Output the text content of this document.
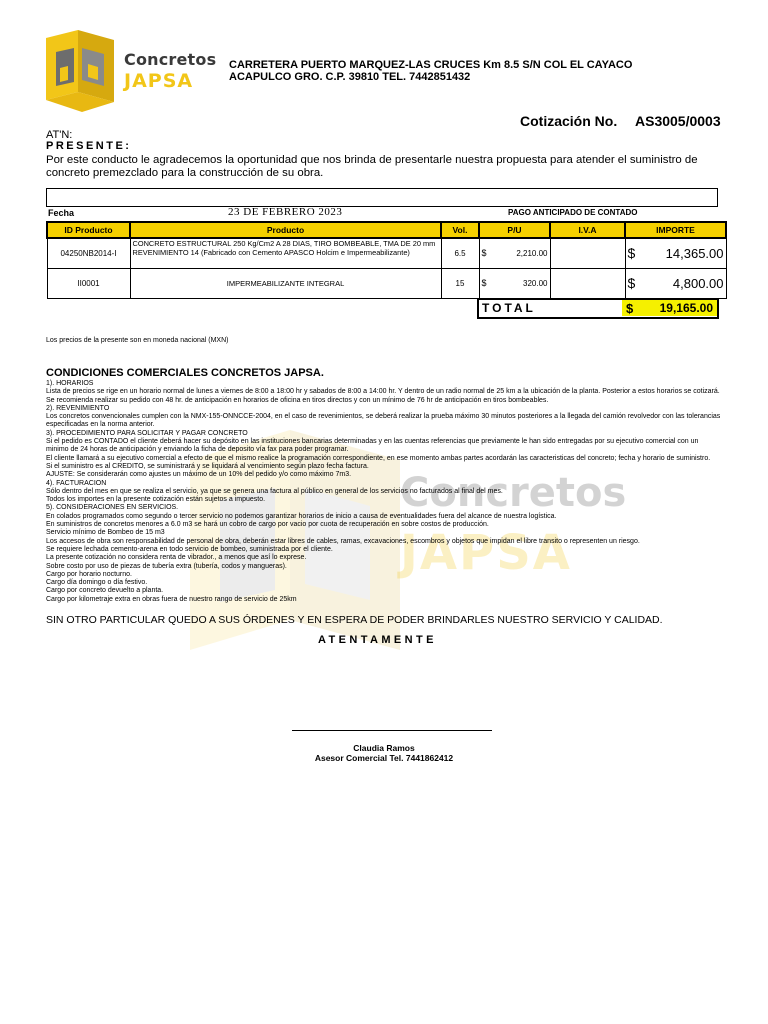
Concretos
JAPSA
CARRETERA PUERTO MARQUEZ-LAS CRUCES Km 8.5 S/N COL EL CAYACO
ACAPULCO GRO. C.P. 39810 TEL. 7442851432
Cotización No. AS3005/0003
AT'N:
PRESENTE:
Por este conducto le agradecemos la oportunidad que nos brinda de presentarle nuestra propuesta para atender el suministro de concreto premezclado para la construcción de su obra.
Fecha	23 DE FEBRERO 2023	PAGO ANTICIPADO DE CONTADO
ID Producto	Producto	Vol.	P/U	I.V.A	IMPORTE
04250NB2014-I	CONCRETO ESTRUCTURAL 250 Kg/Cm2 A 28 DIAS, TIRO BOMBEABLE, TMA DE 20 mm REVENIMIENTO 14 (Fabricado con Cemento APASCO Holcim e Impermeabilizante)	6.5	$ 2,210.00		$ 14,365.00

II0001	IMPERMEABILIZANTE INTEGRAL	15	$ 320.00		$ 4,800.00
TOTAL	$ 19,165.00
Los precios de la presente son en moneda nacional (MXN)
Concretos
JAPSA
CONDICIONES COMERCIALES CONCRETOS JAPSA.
1). HORARIOS
Lista de precios se rige en un horario normal de lunes a viernes de 8:00 a 18:00 hr y sabados de 8:00 a 14:00 hr. Y dentro de un radio normal de 25 km a la ubicación de la planta. Posterior a estos horarios se cotizará. Se recomienda realizar su pedido con 48 hr. de anticipación en horarios de oficina en tiros directos y con un mínimo de 76 hr de anticipación en tiros bombeables.
2). REVENIMIENTO
Los concretos convencionales cumplen con la NMX-155-ONNCCE-2004, en el caso de revenimientos, se deberá realizar la prueba máximo 30 minutos posteriores a la llegada del camión revolvedor con las tolerancias especificadas en la norma anterior.
3). PROCEDIMIENTO PARA SOLICITAR Y PAGAR CONCRETO
Si el pedido es CONTADO el cliente deberá hacer su depósito en las instituciones bancarias determinadas y en las cuentas referencias que previamente le han sido entregadas por su ejecutivo comercial con un minimo de 24 horas de anticipación y enviando la ficha de deposito vía fax para poder programar.
El cliente llamará a su ejecutivo comercial a efecto de que el mismo realice la programación correspondiente, en ese momento ambas partes acordarán las caracteristicas del concreto; fecha y horario de suministro.
Si el suministro es al CREDITO, se suministrará y se liquidará al vencimiento según plazo fecha factura.
AJUSTE: Se considerarán como ajustes un máximo de un 10% del pedido y/o como máximo 7m3.
4). FACTURACION
Sólo dentro del mes en que se realiza el servicio, ya que se genera una factura al público en general de los servicios no facturados al final del mes.
Todos los importes en la presente cotización están sujetos a impuesto.
5). CONSIDERACIONES EN SERVICIOS.
En colados programados como segundo o tercer servicio no podemos garantizar horarios de inicio a causa de eventualidades fuera del alcance de nuestra logística.
En suministros de concretos menores a 6.0 m3 se hará un cobro de cargo por vacio por cuota de recuperación en sobre costos de producción.
Servicio mínimo de Bombeo de 15 m3
Los accesos de obra son responsabilidad de personal de obra, deberán estar libres de cables, ramas, excavaciones, escombros y objetos que impidan el libre transito o representen un riesgo.
Se requiere lechada cemento-arena en todo servicio de bombeo, suministrada por el cliente.
La presente cotización no considera renta de vibrador., a menos que así lo exprese.
Sobre costo por uso de piezas de tubería extra (tubería, codos y mangueras).
Cargo por horario nocturno.
Cargo día domingo o día festivo.
Cargo por concreto devuelto a planta.
Cargo por kilometraje extra en obras fuera de nuestro rango de servicio de 25km
SIN OTRO PARTICULAR QUEDO A SUS ÓRDENES Y EN ESPERA DE PODER BRINDARLES NUESTRO SERVICIO Y CALIDAD.
ATENTAMENTE
Claudia Ramos
Asesor Comercial Tel. 7441862412
